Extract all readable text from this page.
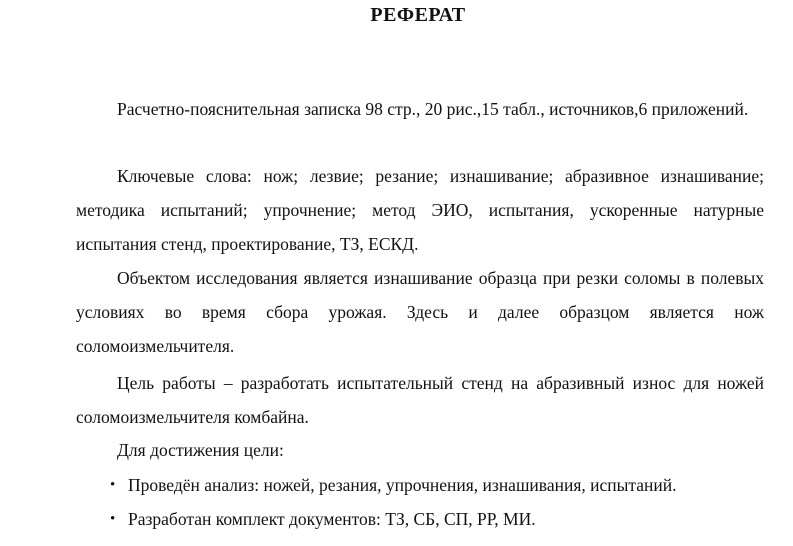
РЕФЕРАТ

Расчетно-пояснительная записка 98 стр., 20 рис.,15 табл., источников,6 приложений.

Ключевые слова: нож; лезвие; резание; изнашивание; абразивное изнашивание; методика испытаний; упрочнение; метод ЭИО, испытания, ускоренные натурные испытания стенд, проектирование, ТЗ, ЕСКД.

Объектом исследования является изнашивание образца при резки соломы в полевых условиях во время сбора урожая. Здесь и далее образцом является нож соломоизмельчителя.

Цель работы – разработать испытательный стенд на абразивный износ для ножей соломоизмельчителя комбайна.

Для достижения цели:

• Проведён анализ: ножей, резания, упрочнения, изнашивания, испытаний.
• Разработан комплект документов: ТЗ, СБ, СП, РР, МИ.
